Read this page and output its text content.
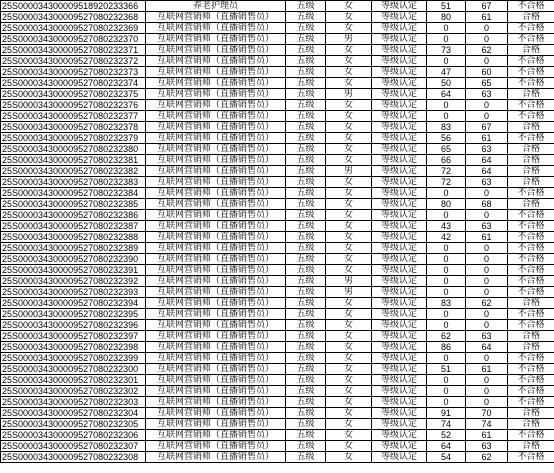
25S000034300009518920233366	养老护理员	五级	女	等级认定	51	67	不合格
25S000034300009527080232368	互联网营销师（直播销售员）	五级	女	等级认定	80	61	合格
25S000034300009527080232369	互联网营销师（直播销售员）	五级	女	等级认定	0	0	不合格
25S000034300009527080232370	互联网营销师（直播销售员）	五级	男	等级认定	0	0	不合格
25S000034300009527080232371	互联网营销师（直播销售员）	五级	女	等级认定	73	62	合格
25S000034300009527080232372	互联网营销师（直播销售员）	五级	女	等级认定	0	0	不合格
25S000034300009527080232373	互联网营销师（直播销售员）	五级	女	等级认定	47	60	不合格
25S000034300009527080232374	互联网营销师（直播销售员）	五级	女	等级认定	50	65	不合格
25S000034300009527080232375	互联网营销师（直播销售员）	五级	男	等级认定	64	63	合格
25S000034300009527080232376	互联网营销师（直播销售员）	五级	女	等级认定	0	0	不合格
25S000034300009527080232377	互联网营销师（直播销售员）	五级	女	等级认定	0	0	不合格
25S000034300009527080232378	互联网营销师（直播销售员）	五级	女	等级认定	83	67	合格
25S000034300009527080232379	互联网营销师（直播销售员）	五级	女	等级认定	56	61	不合格
25S000034300009527080232380	互联网营销师（直播销售员）	五级	女	等级认定	65	63	合格
25S000034300009527080232381	互联网营销师（直播销售员）	五级	女	等级认定	66	64	合格
25S000034300009527080232382	互联网营销师（直播销售员）	五级	男	等级认定	72	64	合格
25S000034300009527080232383	互联网营销师（直播销售员）	五级	女	等级认定	72	63	合格
25S000034300009527080232384	互联网营销师（直播销售员）	五级	女	等级认定	0	0	不合格
25S000034300009527080232385	互联网营销师（直播销售员）	五级	女	等级认定	80	68	合格
25S000034300009527080232386	互联网营销师（直播销售员）	五级	女	等级认定	0	0	不合格
25S000034300009527080232387	互联网营销师（直播销售员）	五级	女	等级认定	43	63	不合格
25S000034300009527080232388	互联网营销师（直播销售员）	五级	女	等级认定	42	61	不合格
25S000034300009527080232389	互联网营销师（直播销售员）	五级	女	等级认定	0	0	不合格
25S000034300009527080232390	互联网营销师（直播销售员）	五级	女	等级认定	0	0	不合格
25S000034300009527080232391	互联网营销师（直播销售员）	五级	女	等级认定	0	0	不合格
25S000034300009527080232392	互联网营销师（直播销售员）	五级	男	等级认定	0	0	不合格
25S000034300009527080232393	互联网营销师（直播销售员）	五级	男	等级认定	0	0	不合格
25S000034300009527080232394	互联网营销师（直播销售员）	五级	女	等级认定	83	62	合格
25S000034300009527080232395	互联网营销师（直播销售员）	五级	女	等级认定	0	0	不合格
25S000034300009527080232396	互联网营销师（直播销售员）	五级	女	等级认定	0	0	不合格
25S000034300009527080232397	互联网营销师（直播销售员）	五级	女	等级认定	62	63	合格
25S000034300009527080232398	互联网营销师（直播销售员）	五级	女	等级认定	86	64	合格
25S000034300009527080232399	互联网营销师（直播销售员）	五级	女	等级认定	0	0	不合格
25S000034300009527080232300	互联网营销师（直播销售员）	五级	女	等级认定	51	61	不合格
25S000034300009527080232301	互联网营销师（直播销售员）	五级	女	等级认定	0	0	不合格
25S000034300009527080232302	互联网营销师（直播销售员）	五级	女	等级认定	0	0	不合格
25S000034300009527080232303	互联网营销师（直播销售员）	五级	女	等级认定	0	0	不合格
25S000034300009527080232304	互联网营销师（直播销售员）	五级	女	等级认定	91	70	合格
25S000034300009527080232305	互联网营销师（直播销售员）	五级	女	等级认定	74	74	合格
25S000034300009527080232306	互联网营销师（直播销售员）	五级	女	等级认定	52	61	不合格
25S000034300009527080232307	互联网营销师（直播销售员）	五级	女	等级认定	64	63	合格
25S000034300009527080232308	互联网营销师（直播销售员）	五级	女	等级认定	54	62	不合格
